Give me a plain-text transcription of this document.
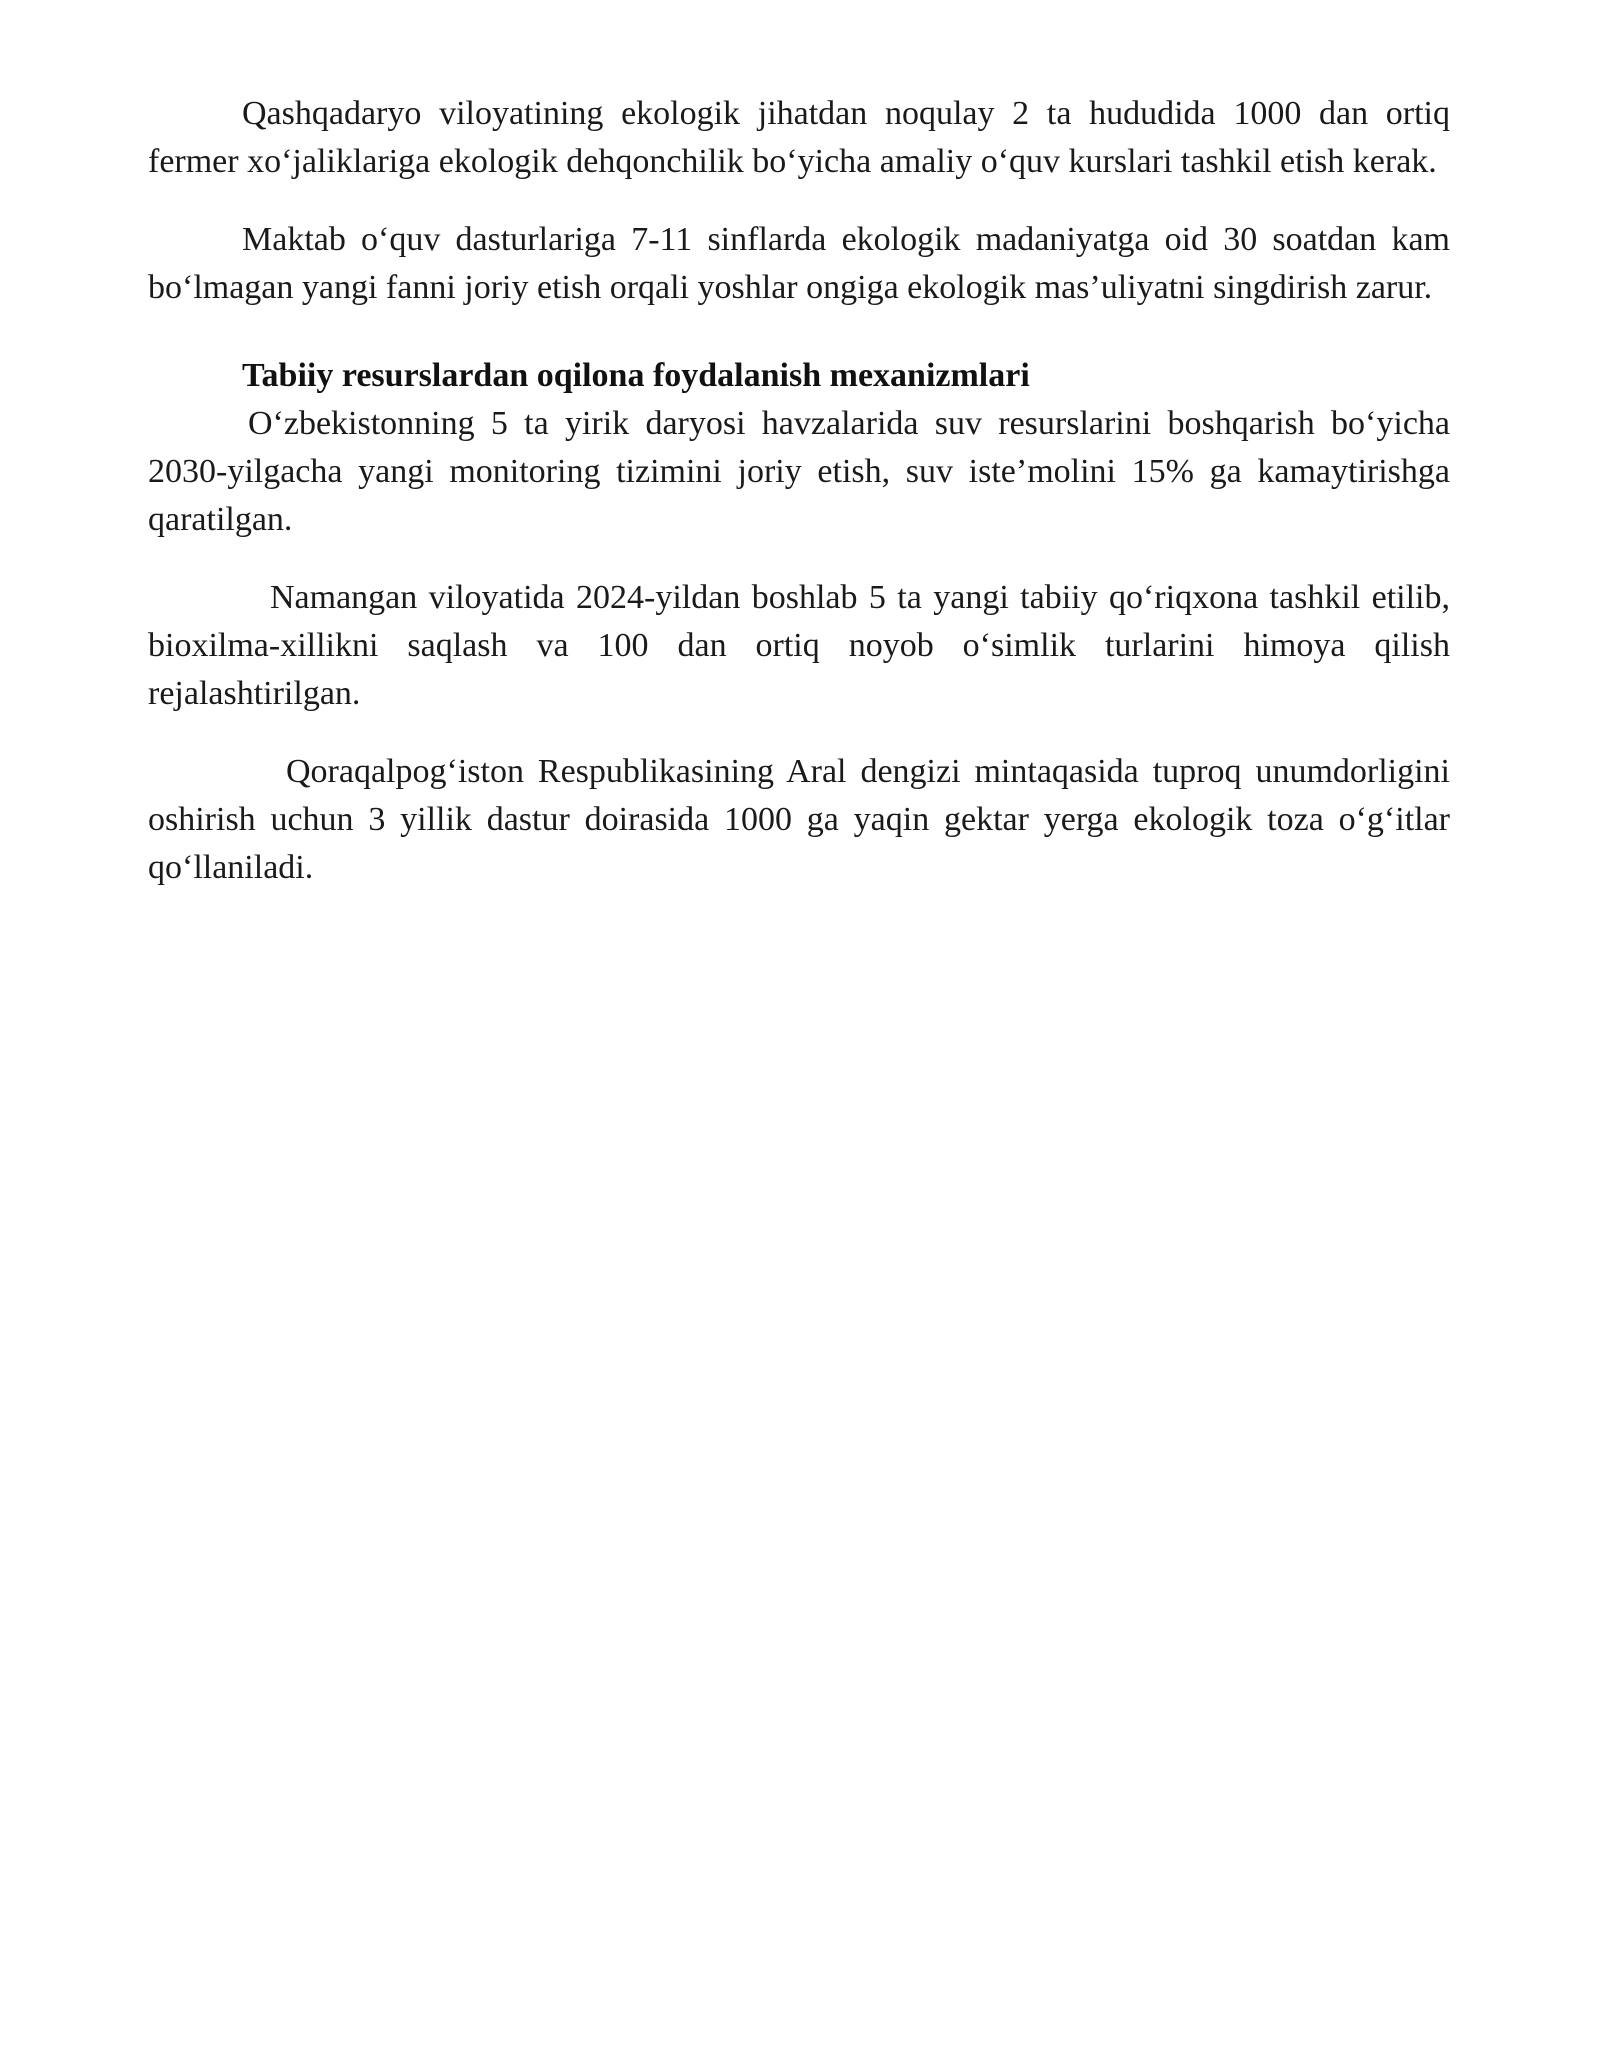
Qashqadaryo viloyatining ekologik jihatdan noqulay 2 ta hududida 1000 dan ortiq fermer xo‘jaliklariga ekologik dehqonchilik bo‘yicha amaliy o‘quv kurslari tashkil etish kerak.

Maktab o‘quv dasturlariga 7-11 sinflarda ekologik madaniyatga oid 30 soatdan kam bo‘lmagan yangi fanni joriy etish orqali yoshlar ongiga ekologik mas’uliyatni singdirish zarur.

Tabiiy resurslardan oqilona foydalanish mexanizmlari

O‘zbekistonning 5 ta yirik daryosi havzalarida suv resurslarini boshqarish bo‘yicha 2030-yilgacha yangi monitoring tizimini joriy etish, suv iste’molini 15% ga kamaytirishga qaratilgan.

Namangan viloyatida 2024-yildan boshlab 5 ta yangi tabiiy qo‘riqxona tashkil etilib, bioxilma-xillikni saqlash va 100 dan ortiq noyob o‘simlik turlarini himoya qilish rejalashtirilgan.

Qoraqalpog‘iston Respublikasining Aral dengizi mintaqasida tuproq unumdorligini oshirish uchun 3 yillik dastur doirasida 1000 ga yaqin gektar yerga ekologik toza o‘g‘itlar qo‘llaniladi.
